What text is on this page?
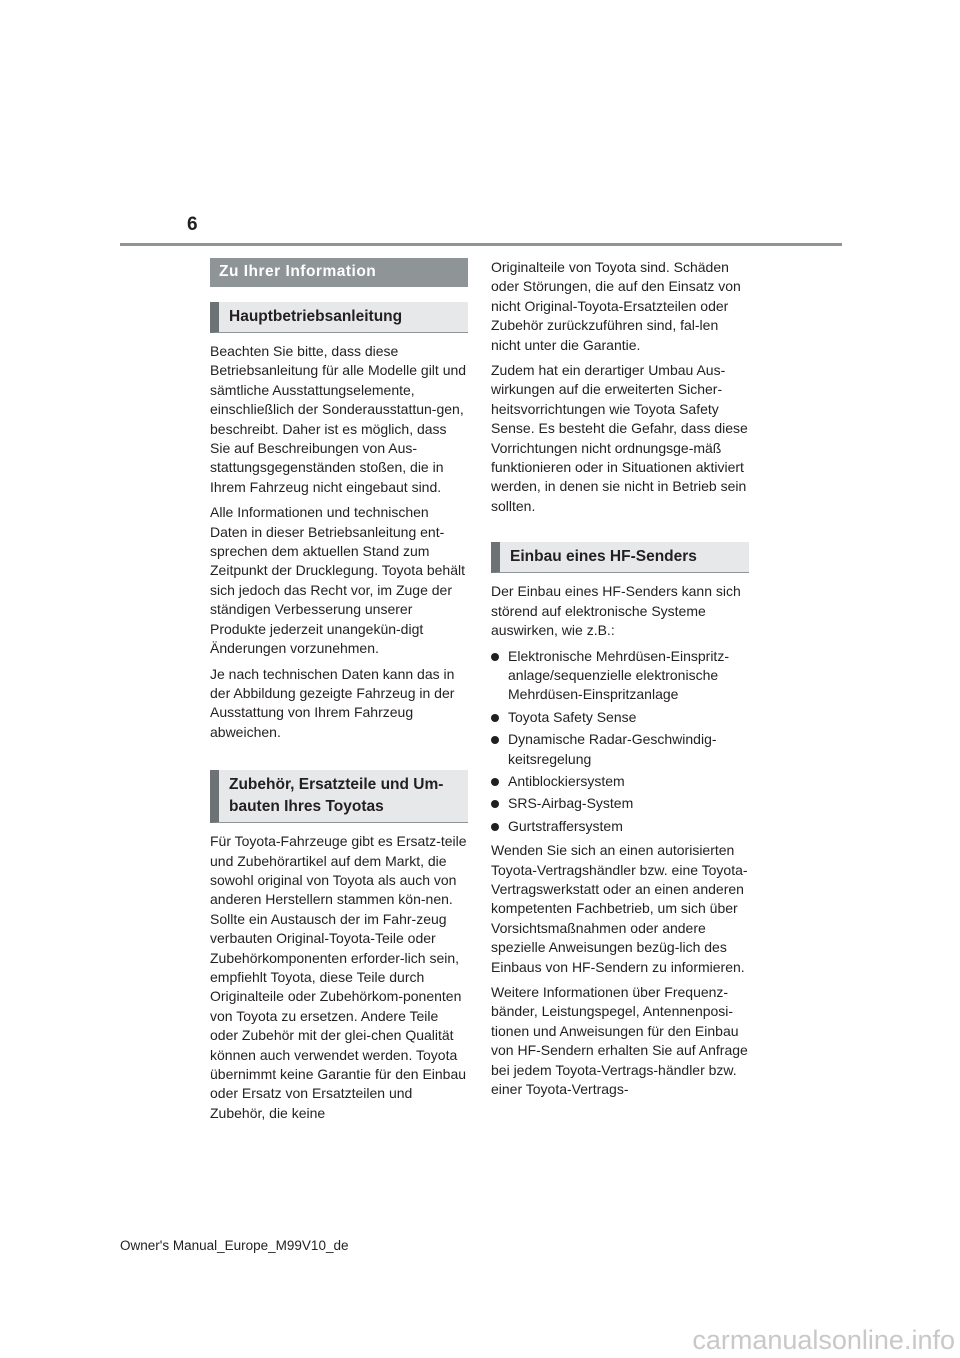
6
Zu Ihrer Information
Hauptbetriebsanleitung

Beachten Sie bitte, dass diese Betriebsanleitung für alle Modelle gilt und sämtliche Ausstattungselemente, einschließlich der Sonderausstattun-gen, beschreibt. Daher ist es möglich, dass Sie auf Beschreibungen von Aus-stattungsgegenständen stoßen, die in Ihrem Fahrzeug nicht eingebaut sind.

Alle Informationen und technischen Daten in dieser Betriebsanleitung ent-sprechen dem aktuellen Stand zum Zeitpunkt der Drucklegung. Toyota behält sich jedoch das Recht vor, im Zuge der ständigen Verbesserung unserer Produkte jederzeit unangekün-digt Änderungen vorzunehmen.

Je nach technischen Daten kann das in der Abbildung gezeigte Fahrzeug in der Ausstattung von Ihrem Fahrzeug abweichen.

Zubehör, Ersatzteile und Um-bauten Ihres Toyotas

Für Toyota-Fahrzeuge gibt es Ersatz-teile und Zubehörartikel auf dem Markt, die sowohl original von Toyota als auch von anderen Herstellern stammen kön-nen. Sollte ein Austausch der im Fahr-zeug verbauten Original-Toyota-Teile oder Zubehörkomponenten erforder-lich sein, empfiehlt Toyota, diese Teile durch Originalteile oder Zubehörkom-ponenten von Toyota zu ersetzen. Andere Teile oder Zubehör mit der glei-chen Qualität können auch verwendet werden. Toyota übernimmt keine Garantie für den Einbau oder Ersatz von Ersatzteilen und Zubehör, die keine

Originalteile von Toyota sind. Schäden oder Störungen, die auf den Einsatz von nicht Original-Toyota-Ersatzteilen oder Zubehör zurückzuführen sind, fal-len nicht unter die Garantie.

Zudem hat ein derartiger Umbau Aus-wirkungen auf die erweiterten Sicher-heitsvorrichtungen wie Toyota Safety Sense. Es besteht die Gefahr, dass diese Vorrichtungen nicht ordnungsge-mäß funktionieren oder in Situationen aktiviert werden, in denen sie nicht in Betrieb sein sollten.

Einbau eines HF-Senders

Der Einbau eines HF-Senders kann sich störend auf elektronische Systeme auswirken, wie z.B.:

Elektronische Mehrdüsen-Einspritz-anlage/sequenzielle elektronische Mehrdüsen-Einspritzanlage
Toyota Safety Sense
Dynamische Radar-Geschwindig-keitsregelung
Antiblockiersystem
SRS-Airbag-System
Gurtstraffersystem

Wenden Sie sich an einen autorisierten Toyota-Vertragshändler bzw. eine Toyota-Vertragswerkstatt oder an einen anderen kompetenten Fachbetrieb, um sich über Vorsichtsmaßnahmen oder andere spezielle Anweisungen bezüg-lich des Einbaus von HF-Sendern zu informieren.

Weitere Informationen über Frequenz-bänder, Leistungspegel, Antennenposi-tionen und Anweisungen für den Einbau von HF-Sendern erhalten Sie auf Anfrage bei jedem Toyota-Vertrags-händler bzw. einer Toyota-Vertrags-

Owner's Manual_Europe_M99V10_de
carmanualsonline.info
